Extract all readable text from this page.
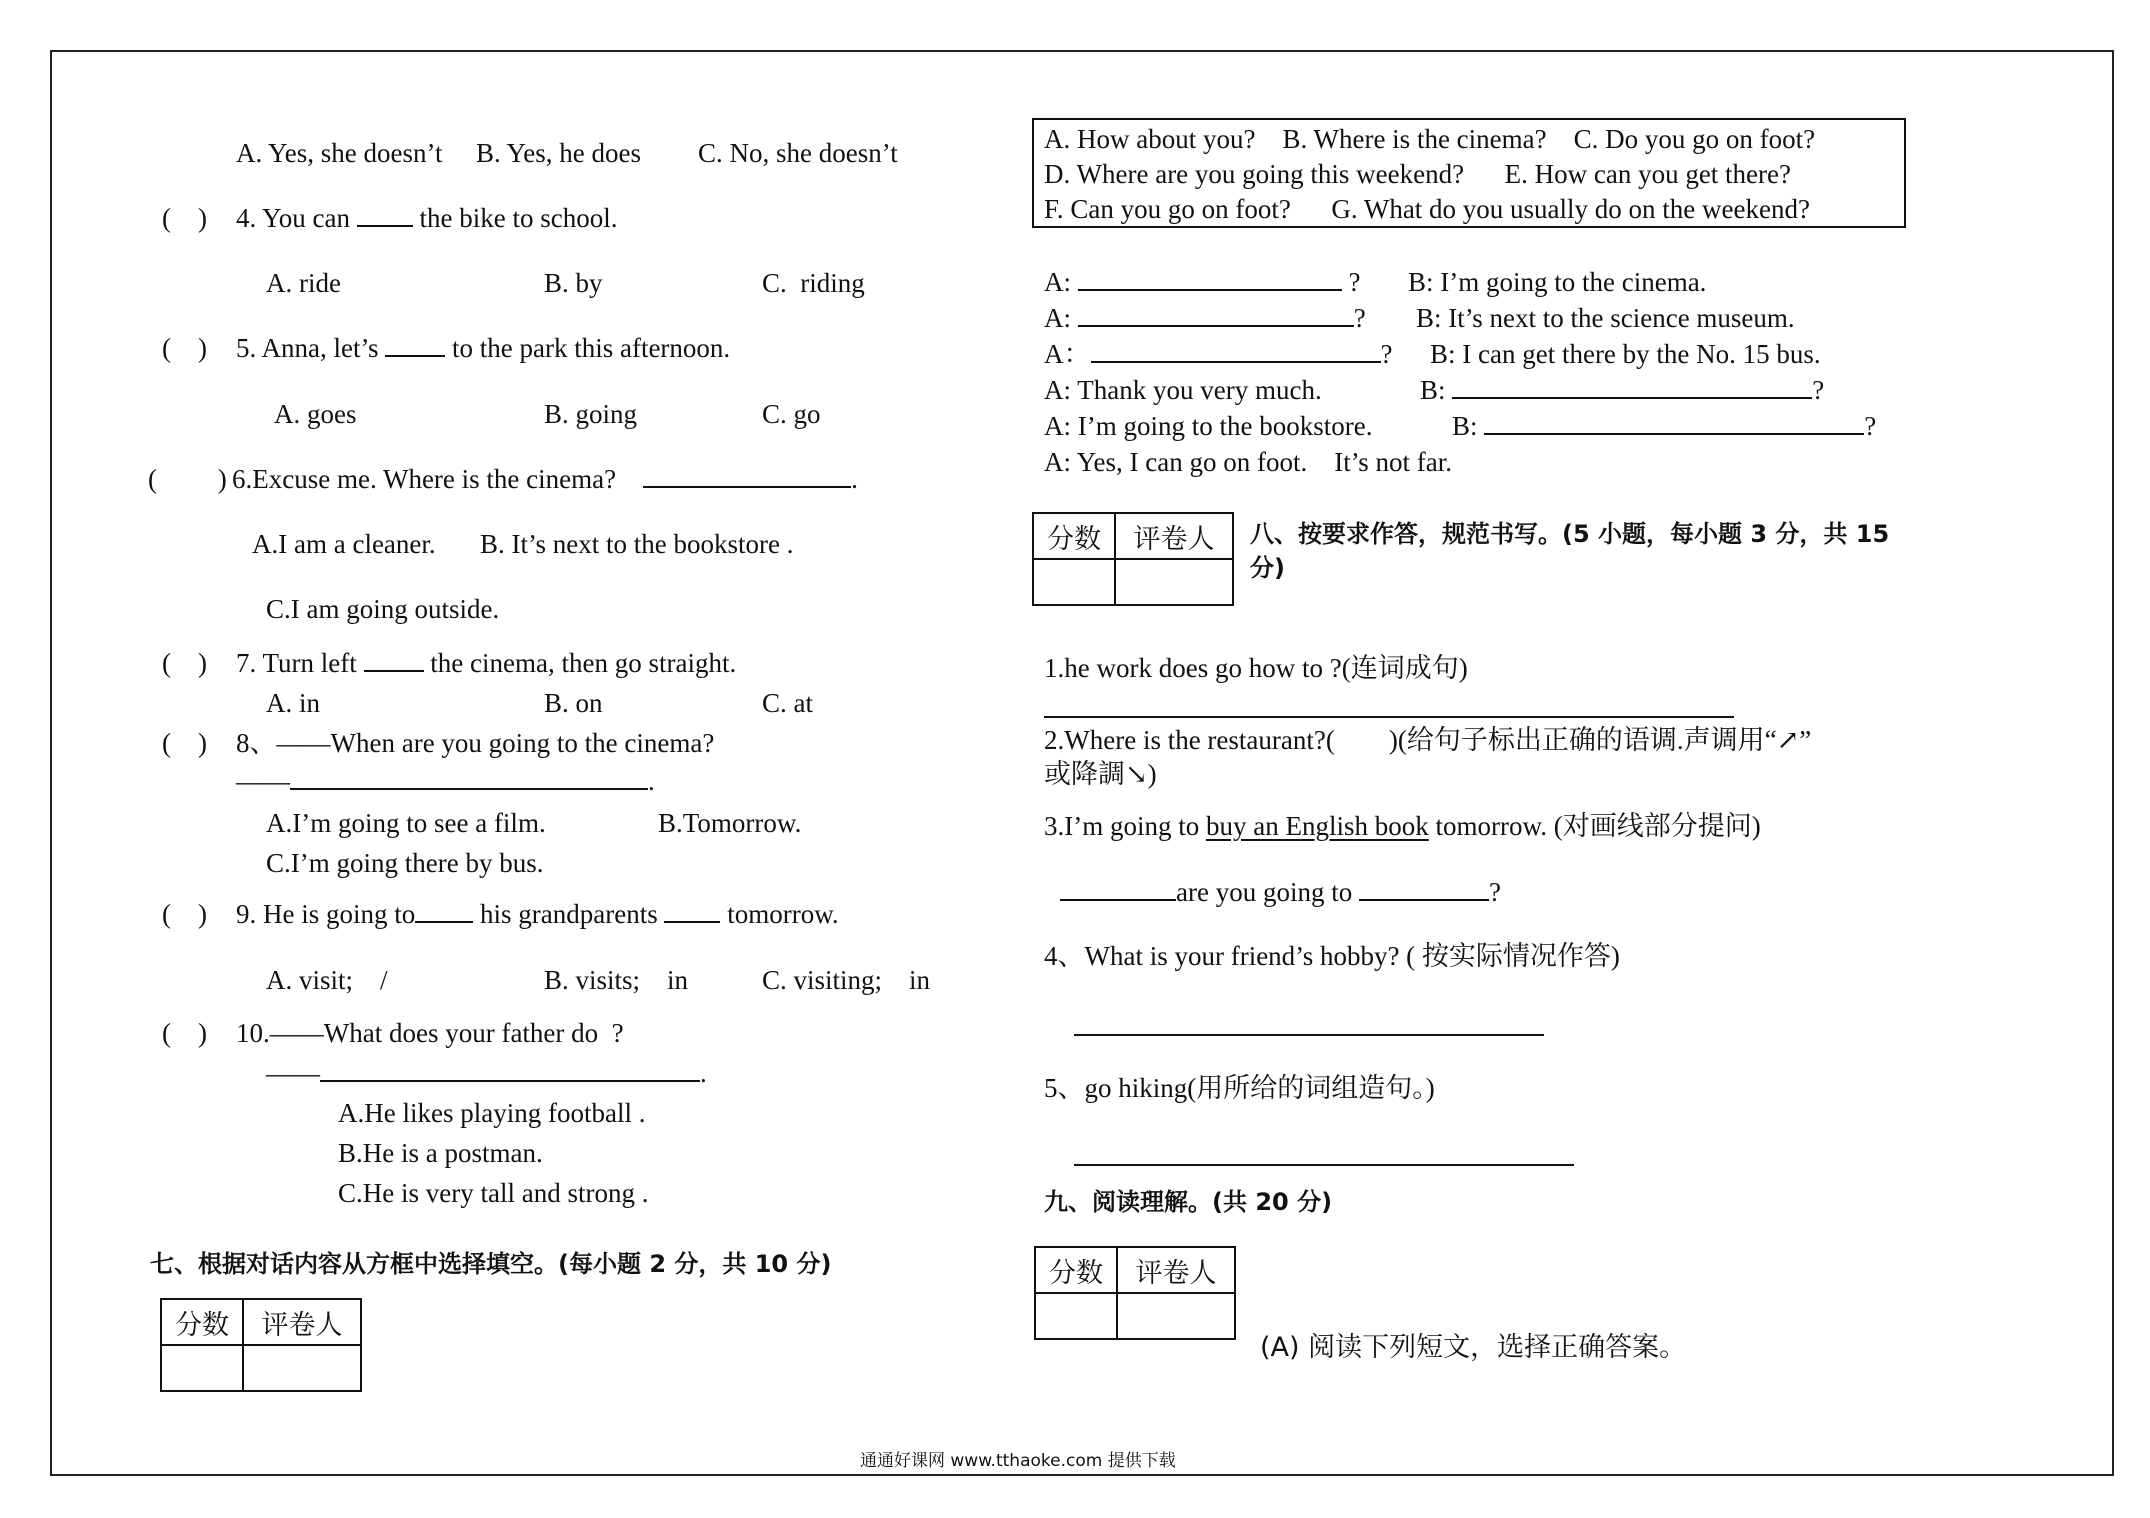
A. Yes, she doesn’t B. Yes, he does C. No, she doesn’t
(    ) 4. You can  the bike to school.
A. ride	B. by	C.  riding
(    ) 5. Anna, let’s  to the park this afternoon.
A. goes	B. going	C. go
(         ) 6.Excuse me. Where is the cinema?	.
A.I am a cleaner. B. It’s next to the bookstore .
C.I am going outside.
(    ) 7. Turn left  the cinema, then go straight.
A. in	B. on	C. at
(    ) 8、——When are you going to the cinema?
——	.
A.I’m going to see a film.	B.Tomorrow.
C.I’m going there by bus.
(    ) 9. He is going to his grandparents  tomorrow.
A. visit;    /	B. visits;    in	C. visiting;    in
(    ) 10.——What does your father do  ?
——	.
A.He likes playing football .
B.He is a postman.
C.He is very tall and strong .
七、根据对话内容从方框中选择填空。(每小题 2 分，共 10 分)
分数	评卷人

A. How about you?    B. Where is the cinema?    C. Do you go on foot?
D. Where are you going this weekend?      E. How can you get there?
F. Can you go on foot?      G. What do you usually do on the weekend?
A:	? B: I’m going to the cinema.
A:	? B: It’s next to the science museum.
A：	? B: I can get there by the No. 15 bus.
A: Thank you very much.	B:	?
A: I’m going to the bookstore.	B:	?
A: Yes, I can go on foot.    It’s not far.
分数	评卷人
	八、按要求作答，规范书写。(5 小题，每小题 3 分，共 15
分)
1.he work does go how to ?(连词成句)
2.Where is the restaurant?(        )(给句子标出正确的语调.声调用“↗”
或降調↘)
3.I’m going to buy an English book tomorrow. (对画线部分提问)
are you going to	?
4、What is your friend’s hobby? ( 按实际情况作答)
5、go hiking(用所给的词组造句。)
九、阅读理解。(共 20 分)
分数	评卷人

(A) 阅读下列短文，选择正确答案。
通通好课网 www.tthaoke.com 提供下载
